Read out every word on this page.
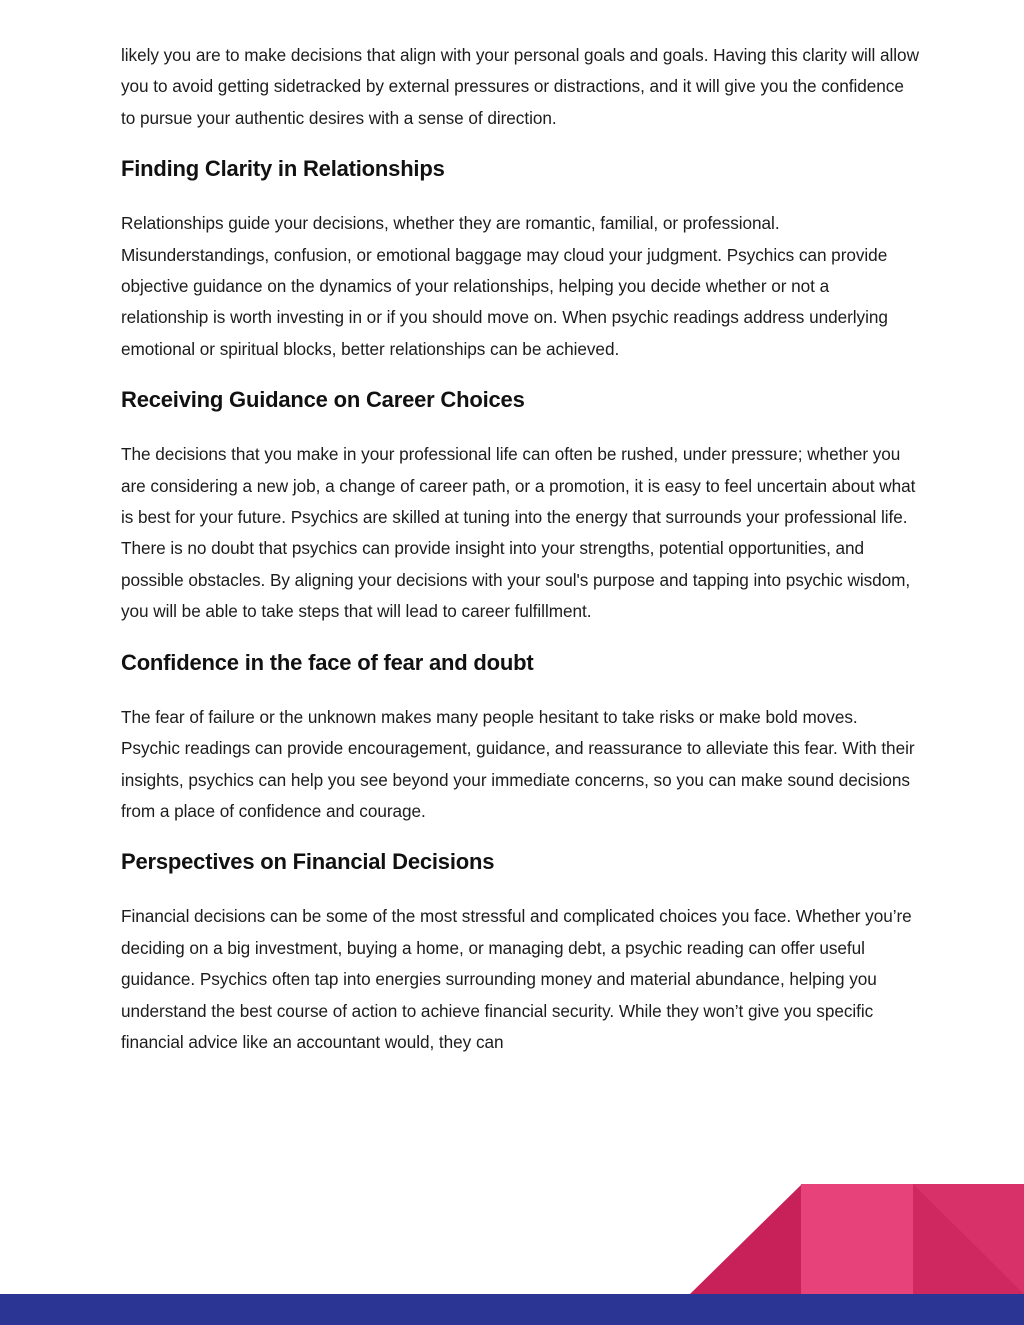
likely you are to make decisions that align with your personal goals and goals. Having this clarity will allow you to avoid getting sidetracked by external pressures or distractions, and it will give you the confidence to pursue your authentic desires with a sense of direction.

Finding Clarity in Relationships

Relationships guide your decisions, whether they are romantic, familial, or professional. Misunderstandings, confusion, or emotional baggage may cloud your judgment. Psychics can provide objective guidance on the dynamics of your relationships, helping you decide whether or not a relationship is worth investing in or if you should move on. When psychic readings address underlying emotional or spiritual blocks, better relationships can be achieved.

Receiving Guidance on Career Choices

The decisions that you make in your professional life can often be rushed, under pressure; whether you are considering a new job, a change of career path, or a promotion, it is easy to feel uncertain about what is best for your future. Psychics are skilled at tuning into the energy that surrounds your professional life. There is no doubt that psychics can provide insight into your strengths, potential opportunities, and possible obstacles. By aligning your decisions with your soul's purpose and tapping into psychic wisdom, you will be able to take steps that will lead to career fulfillment.

Confidence in the face of fear and doubt

The fear of failure or the unknown makes many people hesitant to take risks or make bold moves. Psychic readings can provide encouragement, guidance, and reassurance to alleviate this fear. With their insights, psychics can help you see beyond your immediate concerns, so you can make sound decisions from a place of confidence and courage.

Perspectives on Financial Decisions

Financial decisions can be some of the most stressful and complicated choices you face. Whether you’re deciding on a big investment, buying a home, or managing debt, a psychic reading can offer useful guidance. Psychics often tap into energies surrounding money and material abundance, helping you understand the best course of action to achieve financial security. While they won’t give you specific financial advice like an accountant would, they can
